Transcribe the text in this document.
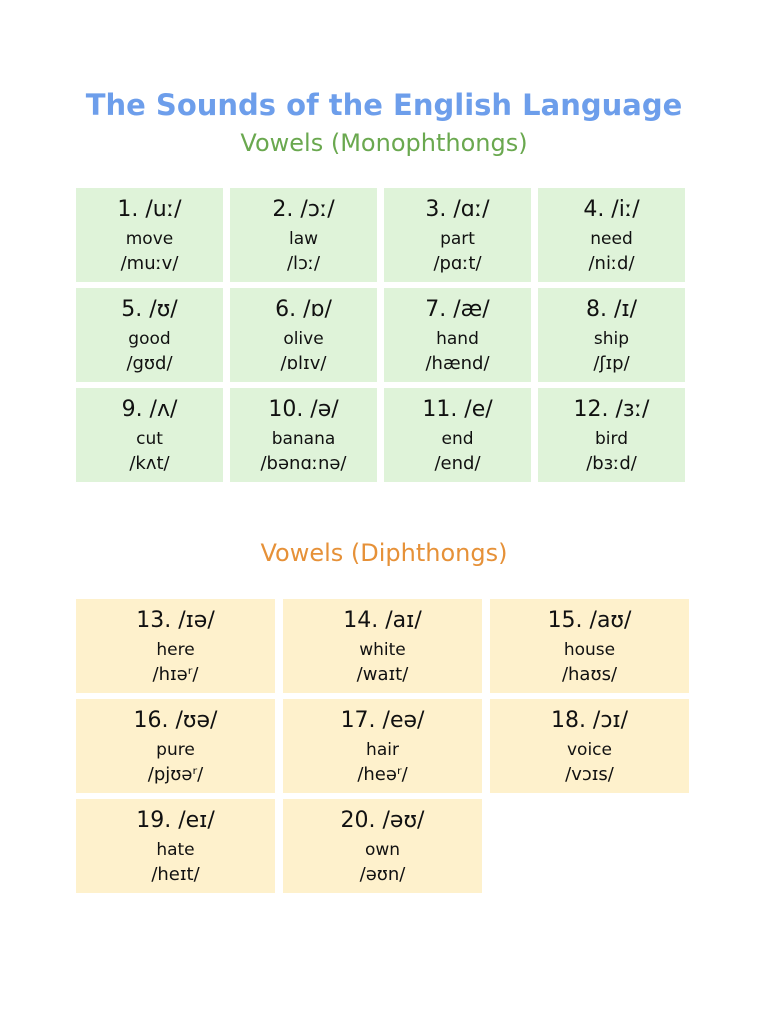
The Sounds of the English Language
Vowels (Monophthongs)
1. /uː/
move
/muːv/
2. /ɔː/
law
/lɔː/
3. /ɑː/
part
/pɑːt/
4. /iː/
need
/niːd/
5. /ʊ/
good
/gʊd/
6. /ɒ/
olive
/ɒlɪv/
7. /æ/
hand
/hænd/
8. /ɪ/
ship
/ʃɪp/
9. /ʌ/
cut
/kʌt/
10. /ə/
banana
/bənɑːnə/
11. /e/
end
/end/
12. /ɜː/
bird
/bɜːd/
Vowels (Diphthongs)
13. /ɪə/
here
/hɪəʳ/
14. /aɪ/
white
/waɪt/
15. /aʊ/
house
/haʊs/
16. /ʊə/
pure
/pjʊəʳ/
17. /eə/
hair
/heəʳ/
18. /ɔɪ/
voice
/vɔɪs/
19. /eɪ/
hate
/heɪt/
20. /əʊ/
own
/əʊn/
